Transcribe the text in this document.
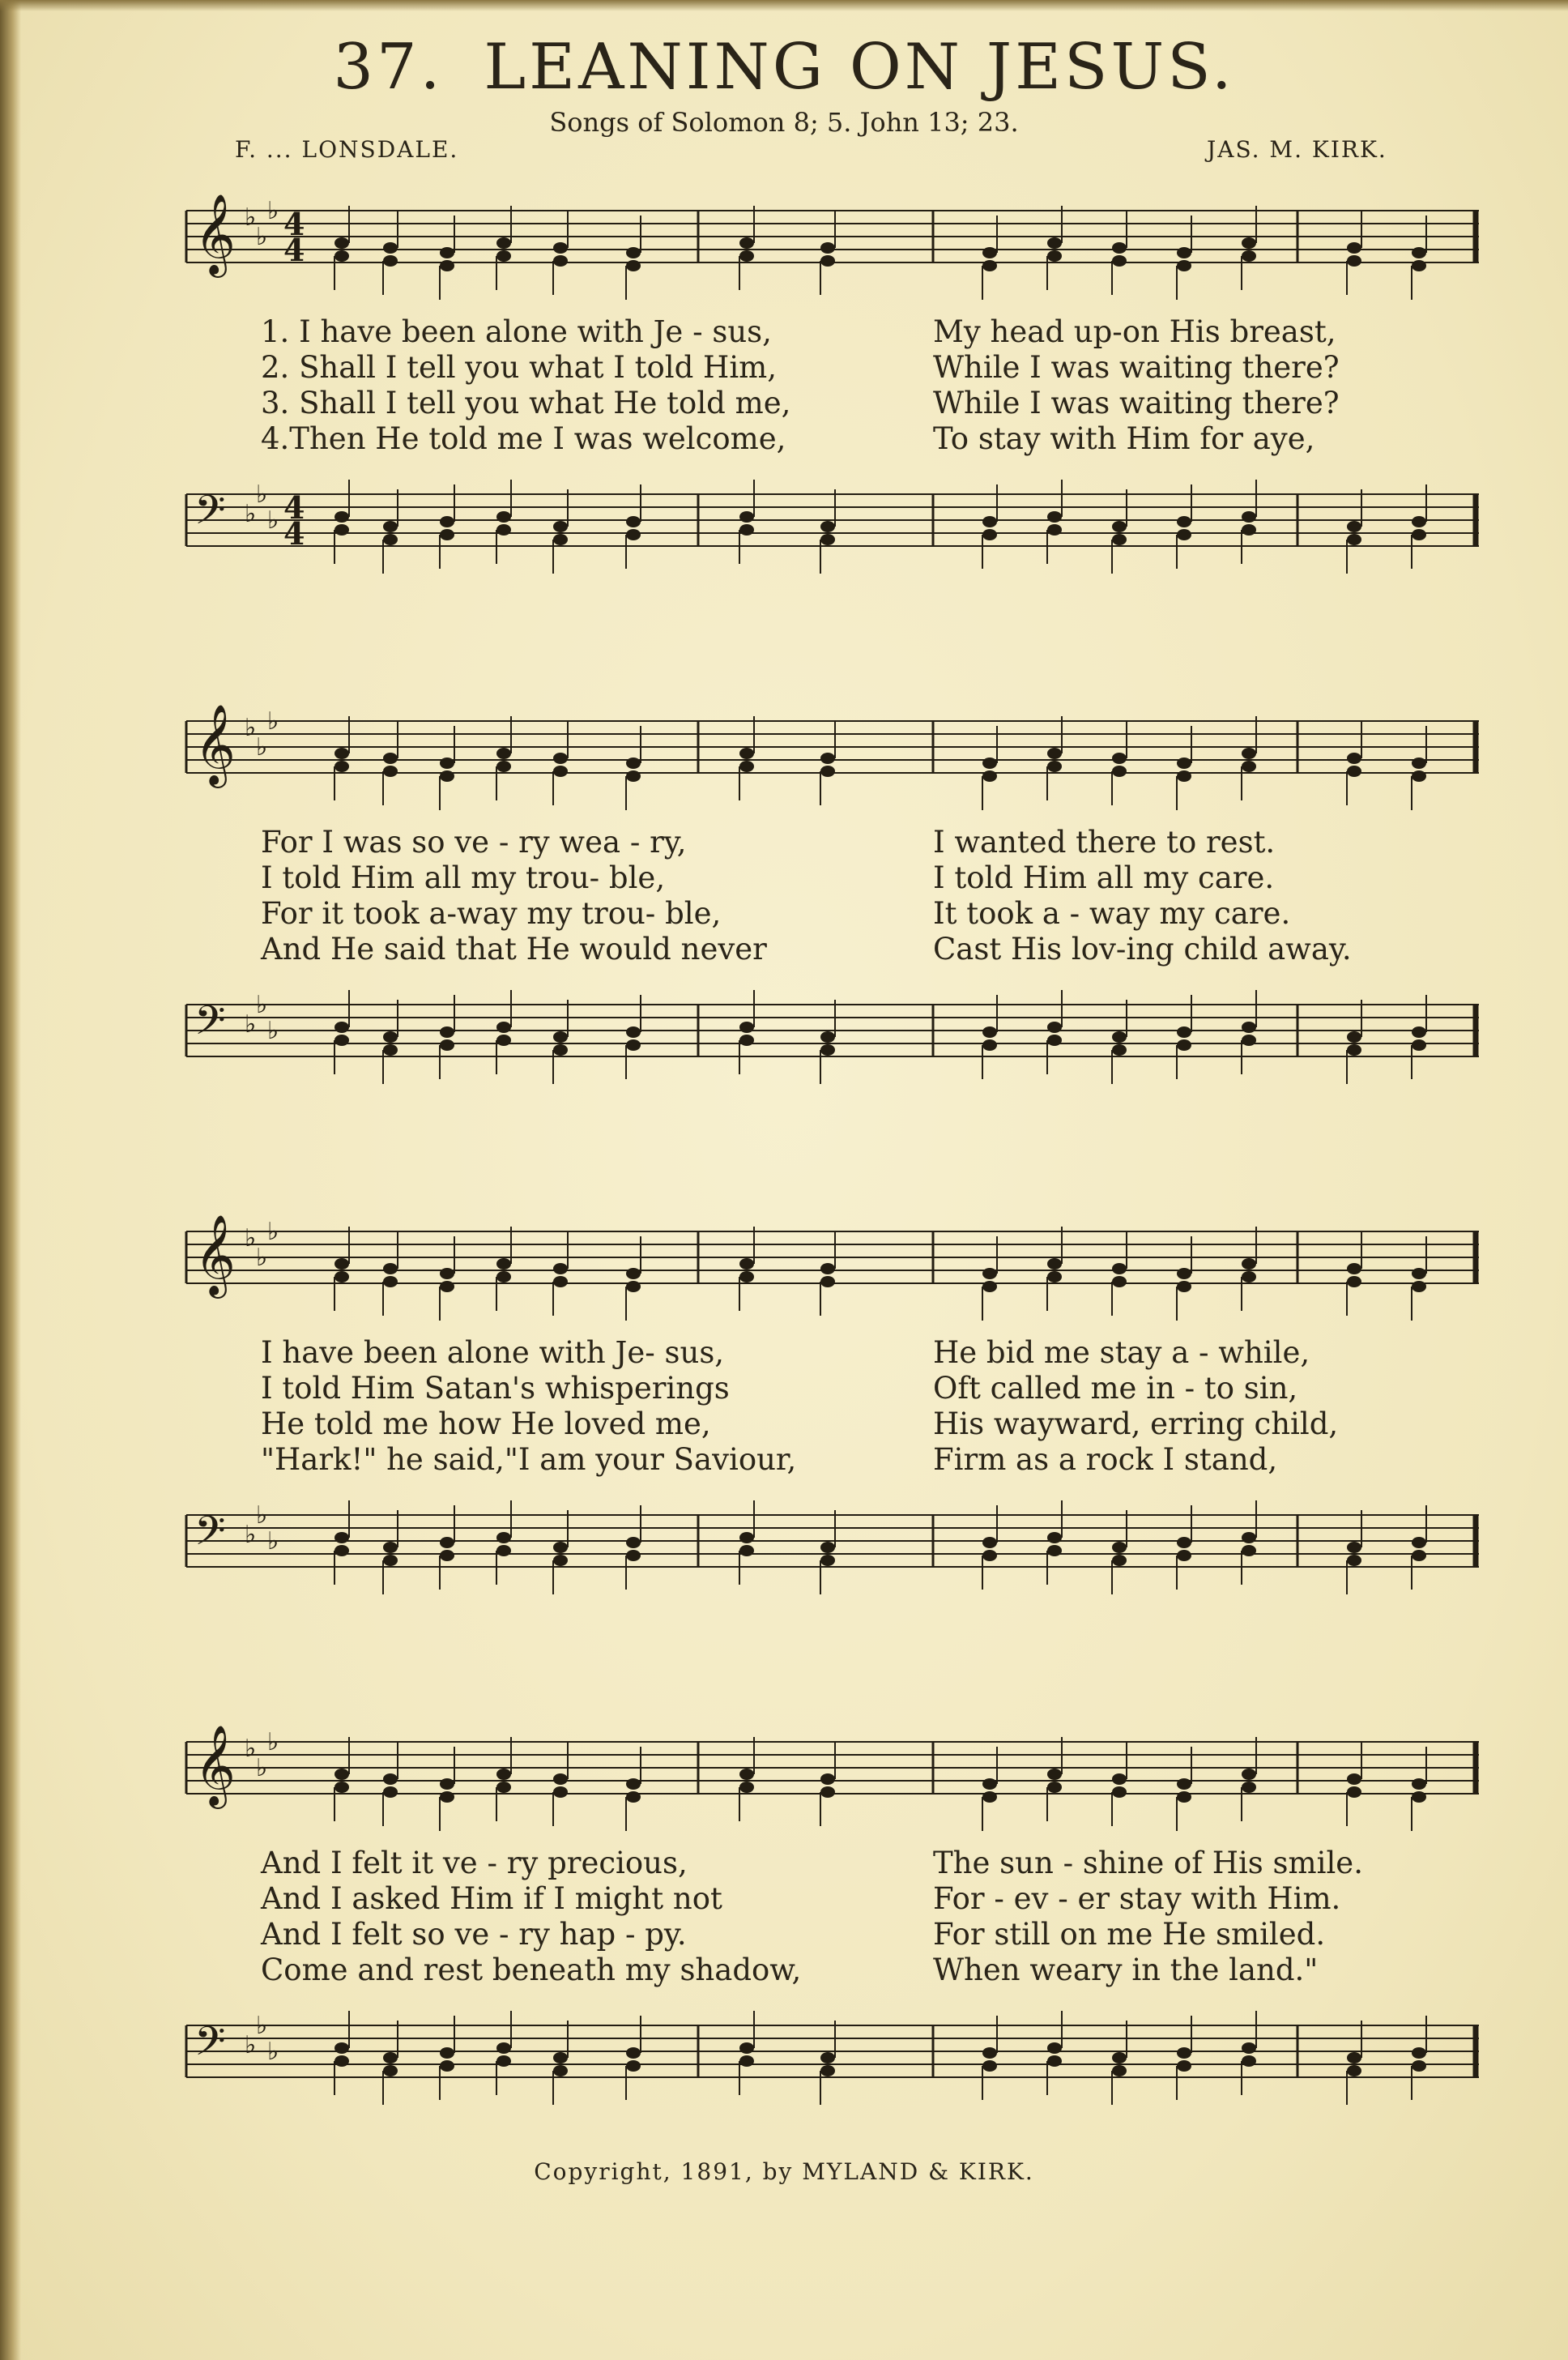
37. LEANING ON JESUS.
Songs of Solomon 8; 5. John 13; 23.
F. ... LONSDALE.	JAS. M. KIRK.
𝄞 ♭
♭
♭ 4
4
1. I have been alone with Je - sus,	My head up-on His breast,
2. Shall I tell you what I told Him,	While I was waiting there?
3. Shall I tell you what He told me,	While I was waiting there?
4.Then He told me I was welcome,	To stay with Him for aye,
𝄢 ♭
♭
♭ 4
4
𝄞 ♭
♭
♭
For I was so ve - ry wea - ry,	I wanted there to rest.
I told Him all my trou- ble,	I told Him all my care.
For it took a-way my trou- ble,	It took a - way my care.
And He said that He would never	Cast His lov-ing child away.
𝄢 ♭
♭
♭
𝄞 ♭
♭
♭
I have been alone with Je- sus,	He bid me stay a - while,
I told Him Satan's whisperings	Oft called me in - to sin,
He told me how He loved me,	His wayward, erring child,
"Hark!" he said,"I am your Saviour,	Firm as a rock I stand,
𝄢 ♭
♭
♭
𝄞 ♭
♭
♭
And I felt it ve - ry precious,	The sun - shine of His smile.
And I asked Him if I might not	For - ev - er stay with Him.
And I felt so ve - ry hap - py.	For still on me He smiled.
Come and rest beneath my shadow,	When weary in the land."
𝄢 ♭
♭
♭
Copyright, 1891, by MYLAND & KIRK.
